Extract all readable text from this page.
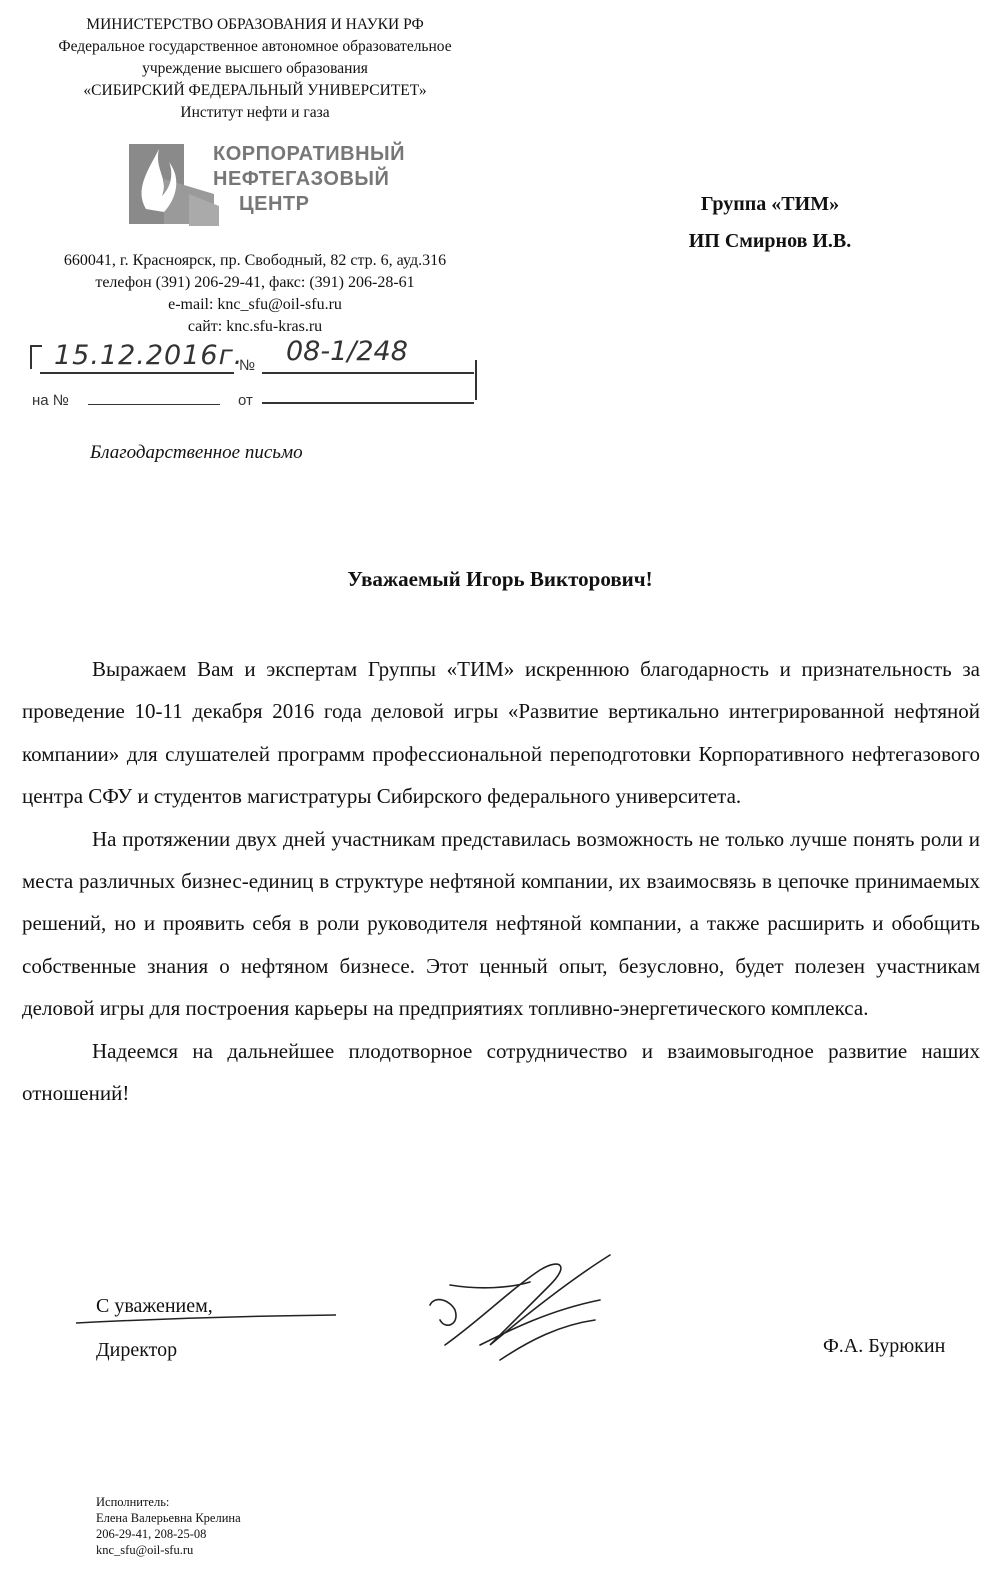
МИНИСТЕРСТВО ОБРАЗОВАНИЯ И НАУКИ РФ
Федеральное государственное автономное образовательное
учреждение высшего образования
«СИБИРСКИЙ ФЕДЕРАЛЬНЫЙ УНИВЕРСИТЕТ»
Институт нефти и газа
КОРПОРАТИВНЫЙ
НЕФТЕГАЗОВЫЙ
ЦЕНТР
660041, г. Красноярск, пр. Свободный, 82 стр. 6, ауд.316
телефон (391) 206-29-41, факс: (391) 206-28-61
e-mail: knc_sfu@oil-sfu.ru
сайт: knc.sfu-kras.ru
15.12.2016г.
№ 08-1/248
на №	от
Группа «ТИМ»
ИП Смирнов И.В.
Благодарственное письмо
Уважаемый Игорь Викторович!

Выражаем Вам и экспертам Группы «ТИМ» искреннюю благодарность и признательность за проведение 10-11 декабря 2016 года деловой игры «Развитие вертикально интегрированной нефтяной компании» для слушателей программ профессиональной переподготовки Корпоративного нефтегазового центра СФУ и студентов магистратуры Сибирского федерального университета.

На протяжении двух дней участникам представилась возможность не только лучше понять роли и места различных бизнес-единиц в структуре нефтяной компании, их взаимосвязь в цепочке принимаемых решений, но и проявить себя в роли руководителя нефтяной компании, а также расширить и обобщить собственные знания о нефтяном бизнесе. Этот ценный опыт, безусловно, будет полезен участникам деловой игры для построения карьеры на предприятиях топливно-энергетического комплекса.

Надеемся на дальнейшее плодотворное сотрудничество и взаимовыгодное развитие наших отношений!

С уважением,
Директор	Ф.А. Бурюкин
Исполнитель:
Елена Валерьевна Крелина
206-29-41, 208-25-08
knc_sfu@oil-sfu.ru
